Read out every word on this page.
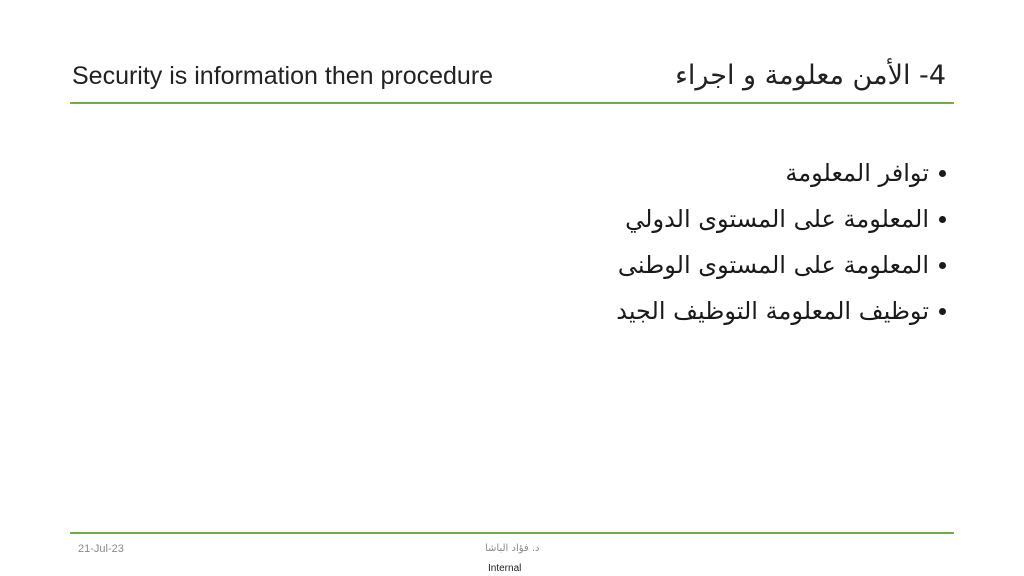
Security is information then procedure	4- الأمن معلومة و اجراء
توافر المعلومة
المعلومة على المستوى الدولي
المعلومة على المستوى الوطنى
توظيف المعلومة التوظيف الجيد
21-Jul-23	د. فؤاد الباشا
Internal
